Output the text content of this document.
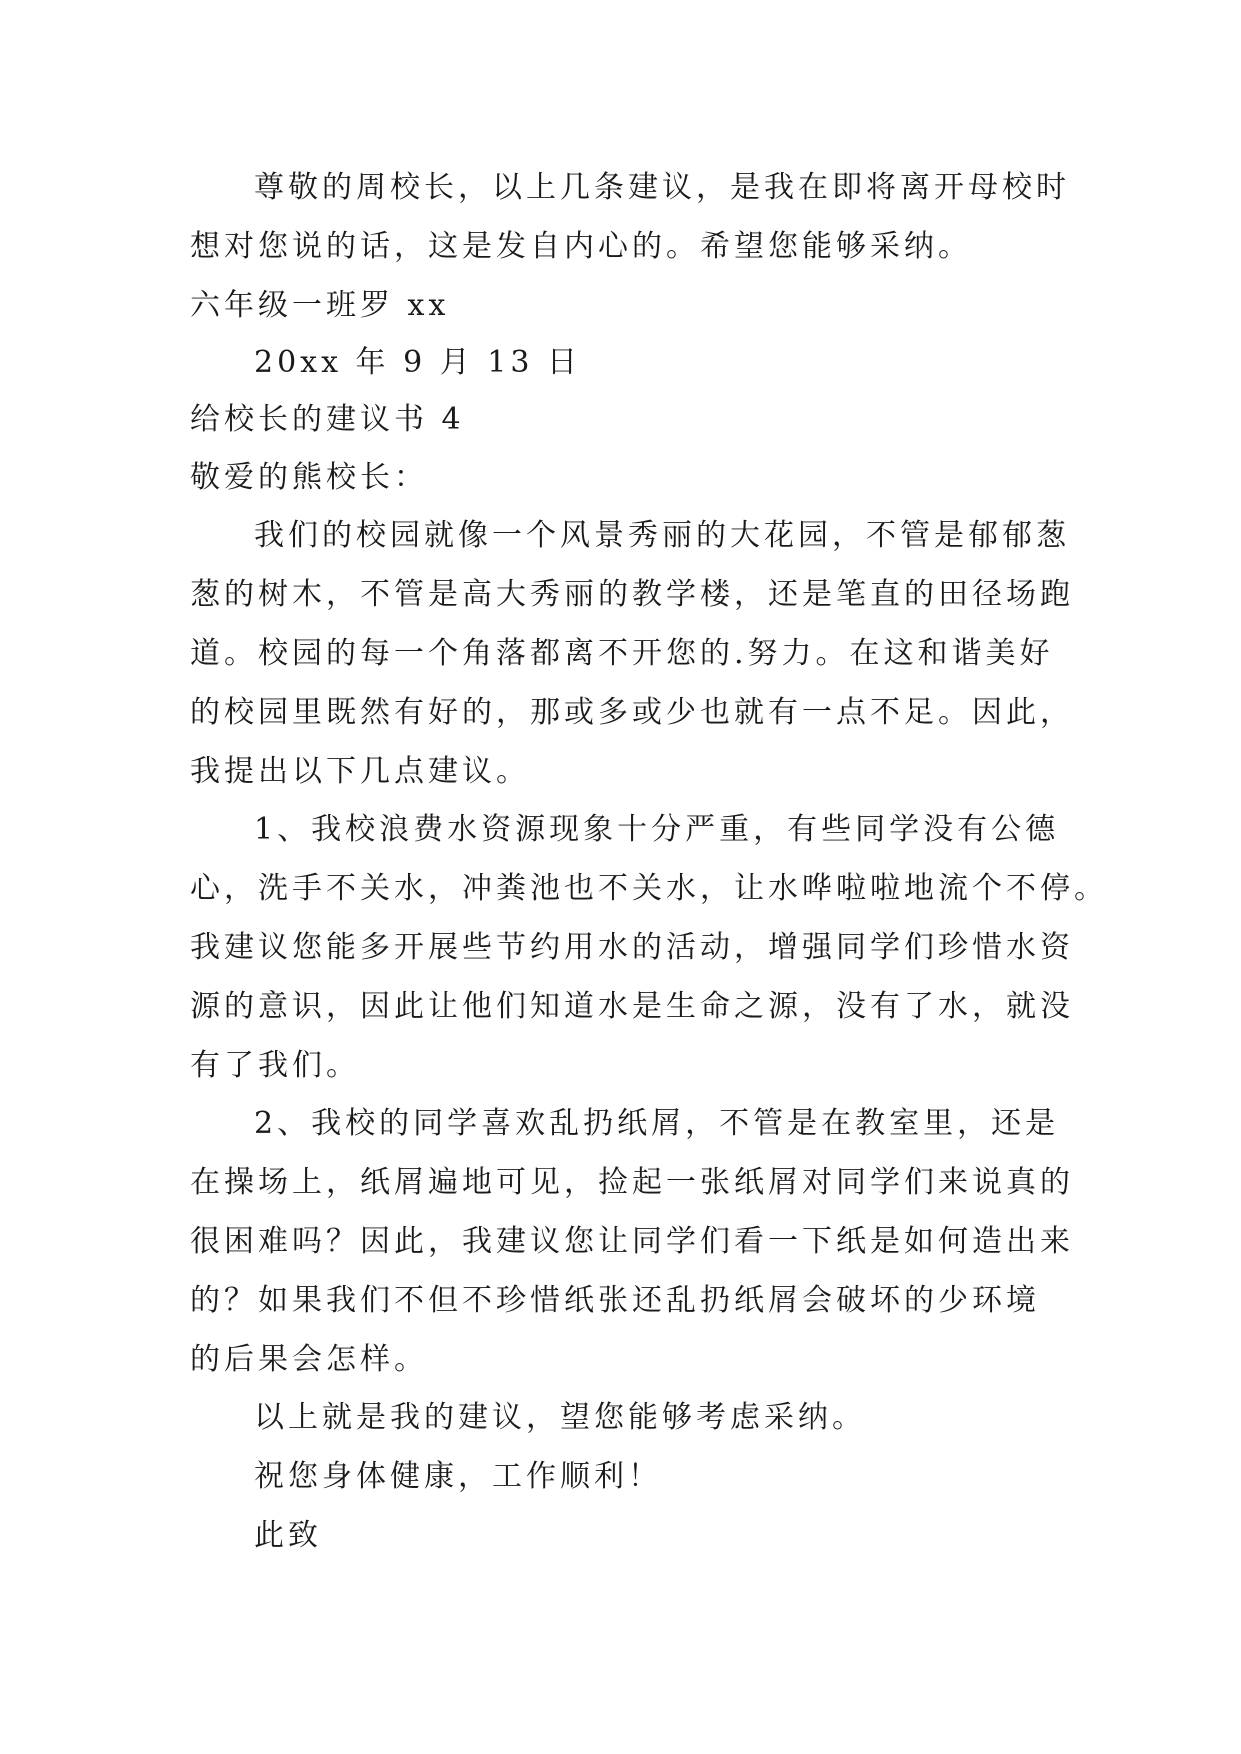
尊敬的周校长，以上几条建议，是我在即将离开母校时
想对您说的话，这是发自内心的。希望您能够采纳。
六年级一班罗 xx
20xx 年 9 月 13 日
给校长的建议书 4
敬爱的熊校长：
我们的校园就像一个风景秀丽的大花园，不管是郁郁葱
葱的树木，不管是高大秀丽的教学楼，还是笔直的田径场跑
道。校园的每一个角落都离不开您的.努力。在这和谐美好
的校园里既然有好的，那或多或少也就有一点不足。因此，
我提出以下几点建议。
1、我校浪费水资源现象十分严重，有些同学没有公德
心，洗手不关水，冲粪池也不关水，让水哗啦啦地流个不停。
我建议您能多开展些节约用水的活动，增强同学们珍惜水资
源的意识，因此让他们知道水是生命之源，没有了水，就没
有了我们。
2、我校的同学喜欢乱扔纸屑，不管是在教室里，还是
在操场上，纸屑遍地可见，捡起一张纸屑对同学们来说真的
很困难吗？因此，我建议您让同学们看一下纸是如何造出来
的？如果我们不但不珍惜纸张还乱扔纸屑会破坏的少环境
的后果会怎样。
以上就是我的建议，望您能够考虑采纳。
祝您身体健康，工作顺利！
此致
